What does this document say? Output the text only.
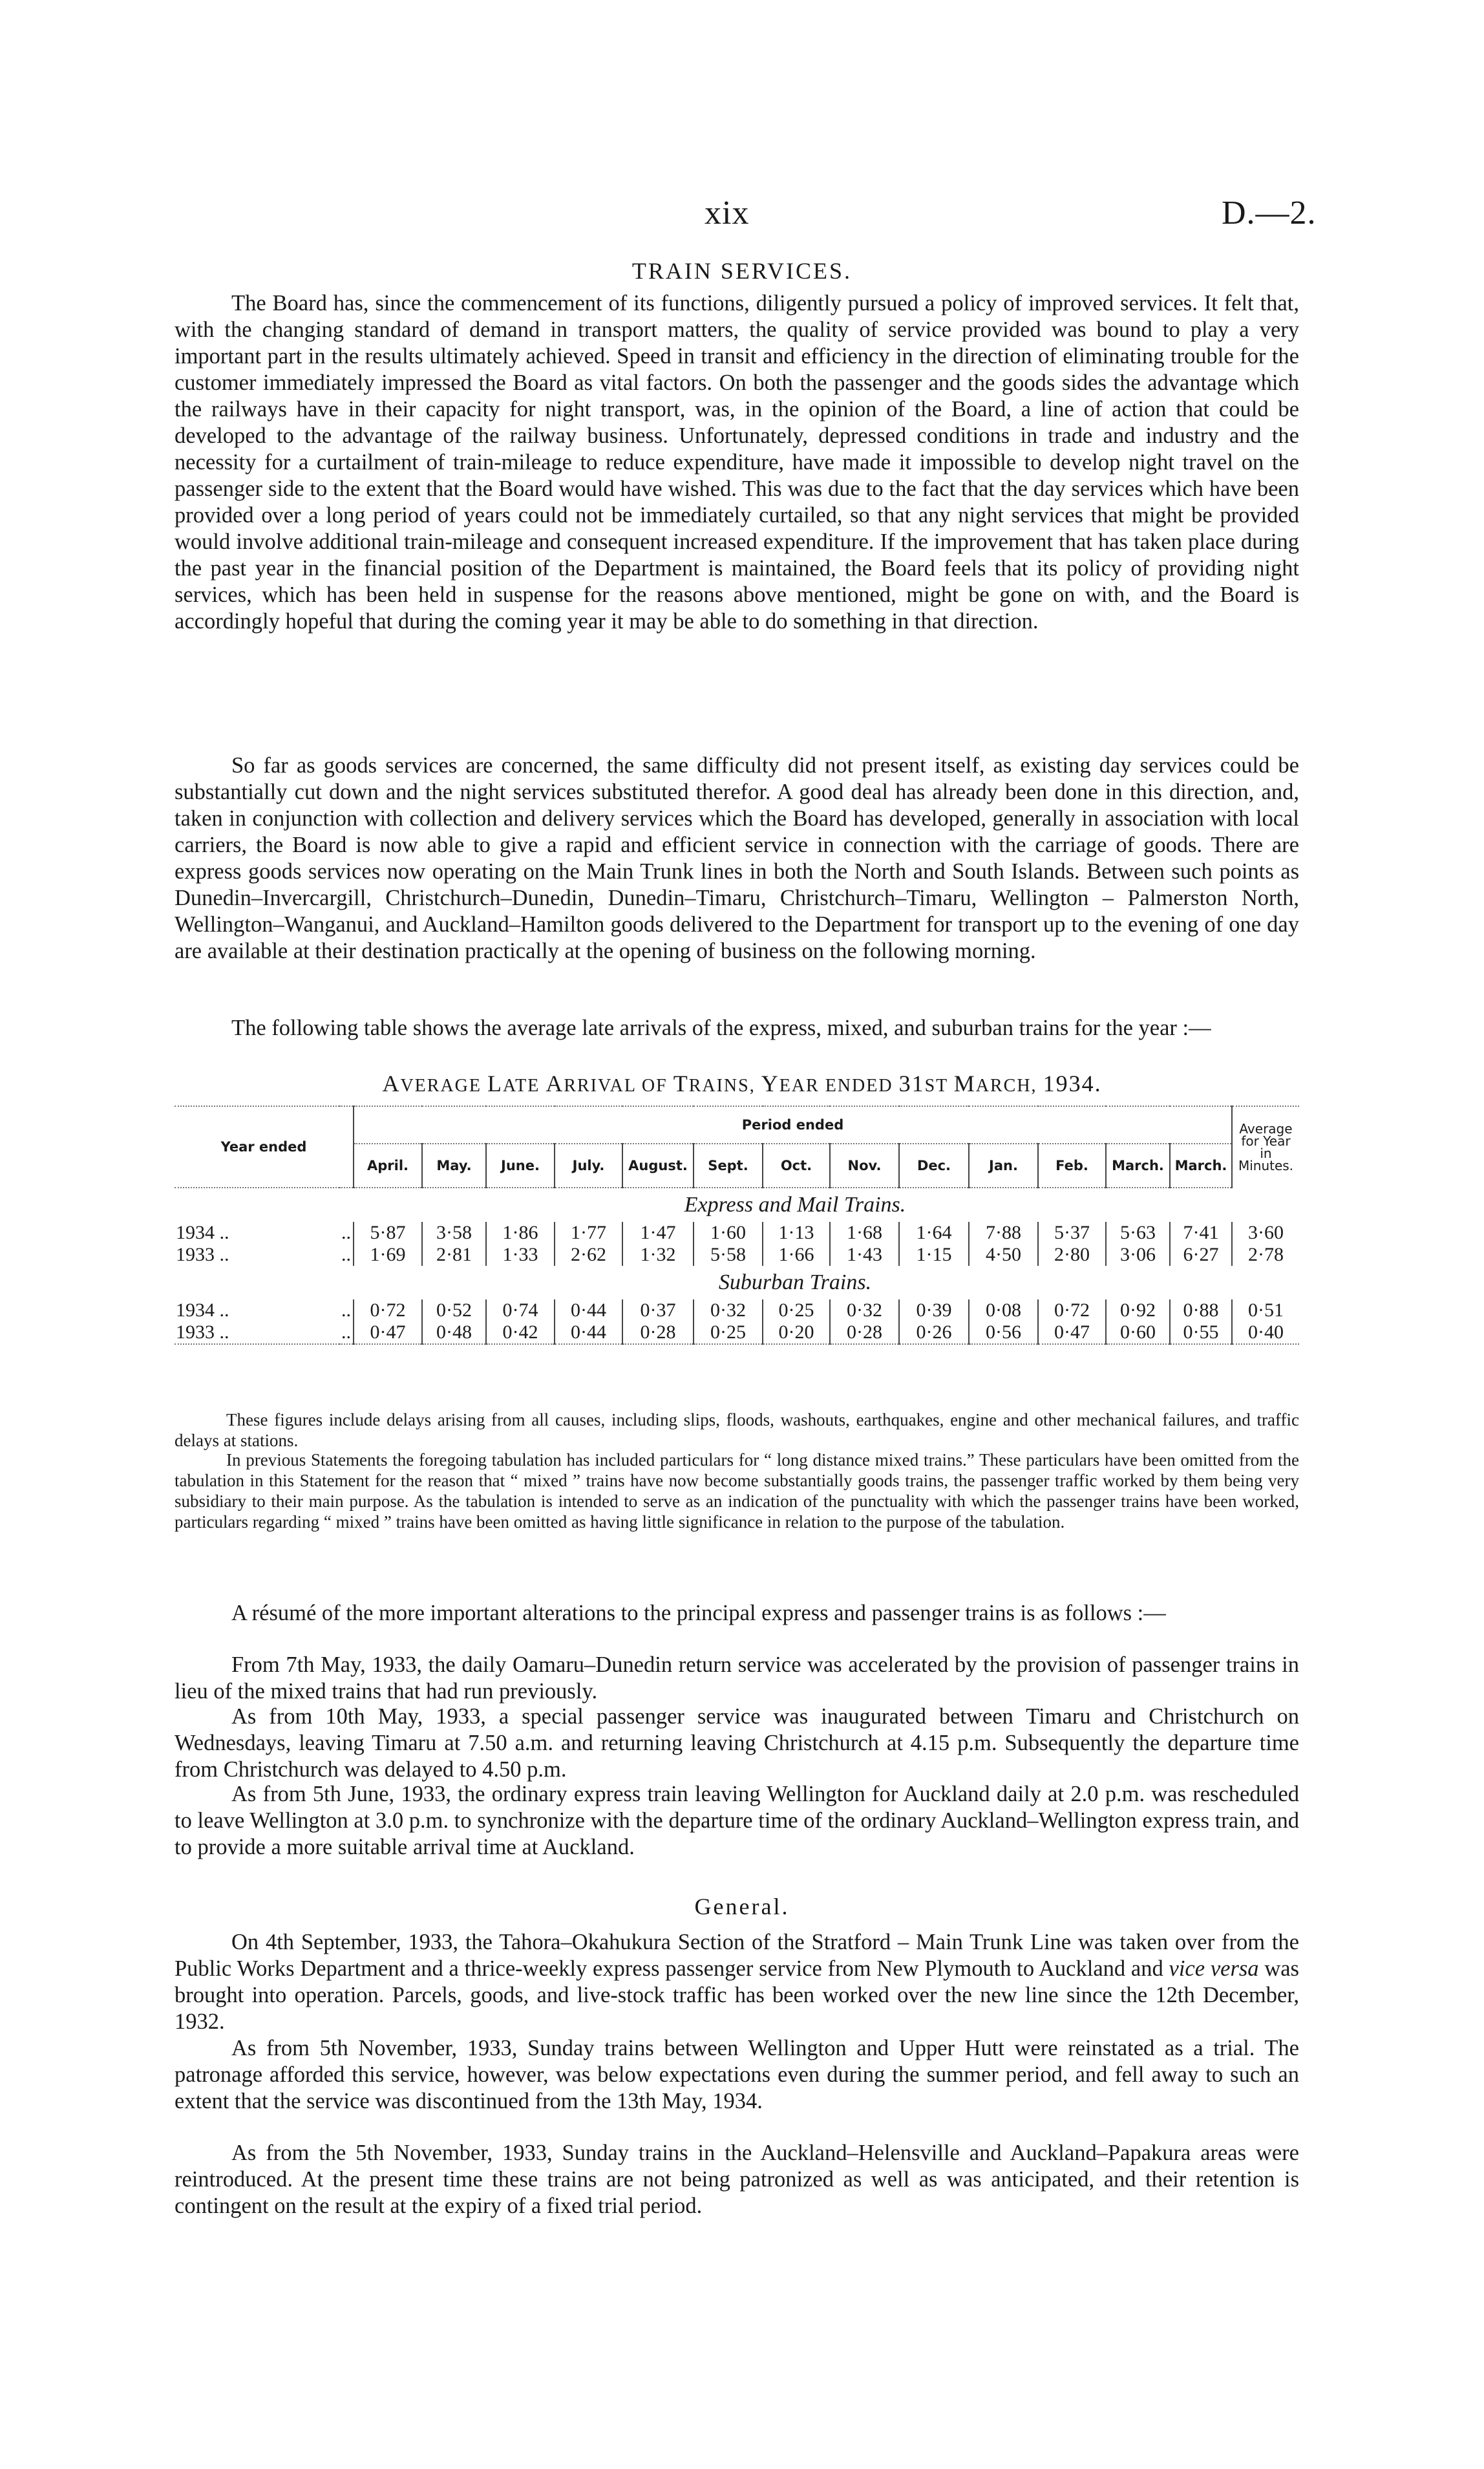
xix	D.—2.
TRAIN SERVICES.

The Board has, since the commencement of its functions, diligently pursued a policy of improved services. It felt that, with the changing standard of demand in transport matters, the quality of service provided was bound to play a very important part in the results ultimately achieved. Speed in transit and efficiency in the direction of eliminating trouble for the customer immediately impressed the Board as vital factors. On both the passenger and the goods sides the advantage which the railways have in their capacity for night transport, was, in the opinion of the Board, a line of action that could be developed to the advantage of the railway business. Unfortunately, depressed conditions in trade and industry and the necessity for a curtailment of train-mileage to reduce expenditure, have made it impossible to develop night travel on the passenger side to the extent that the Board would have wished. This was due to the fact that the day services which have been provided over a long period of years could not be immediately curtailed, so that any night services that might be provided would involve additional train-mileage and consequent increased expenditure. If the improvement that has taken place during the past year in the financial position of the Department is maintained, the Board feels that its policy of providing night services, which has been held in suspense for the reasons above mentioned, might be gone on with, and the Board is accordingly hopeful that during the coming year it may be able to do something in that direction.

So far as goods services are concerned, the same difficulty did not present itself, as existing day services could be substantially cut down and the night services substituted therefor. A good deal has already been done in this direction, and, taken in conjunction with collection and delivery services which the Board has developed, generally in association with local carriers, the Board is now able to give a rapid and efficient service in connection with the carriage of goods. There are express goods services now operating on the Main Trunk lines in both the North and South Islands. Between such points as Dunedin–Invercargill, Christchurch–Dunedin, Dunedin–Timaru, Christchurch–Timaru, Wellington – Palmerston North, Wellington–Wanganui, and Auckland–Hamilton goods delivered to the Department for transport up to the evening of one day are available at their destination practically at the opening of business on the following morning.

The following table shows the average late arrivals of the express, mixed, and suburban trains for the year :—

AVERAGE LATE ARRIVAL OF TRAINS, YEAR ENDED 31ST MARCH, 1934.
Year ended		Period ended													Average
for Year
in
Minutes.

		April.	May.	June.	July.	August.	Sept.	Oct.	Nov.	Dec.	Jan.	Feb.	March.	March.	
Express and Mail Trains.															
1934 ..	..	5·87	3·58	1·86	1·77	1·47	1·60	1·13	1·68	1·64	7·88	5·37	5·63	7·41	3·60
1933 ..	..	1·69	2·81	1·33	2·62	1·32	5·58	1·66	1·43	1·15	4·50	2·80	3·06	6·27	2·78
Suburban Trains.															
1934 ..	..	0·72	0·52	0·74	0·44	0·37	0·32	0·25	0·32	0·39	0·08	0·72	0·92	0·88	0·51
1933 ..	..	0·47	0·48	0·42	0·44	0·28	0·25	0·20	0·28	0·26	0·56	0·47	0·60	0·55	0·40

These figures include delays arising from all causes, including slips, floods, washouts, earthquakes, engine and other mechanical failures, and traffic delays at stations.

In previous Statements the foregoing tabulation has included particulars for “ long distance mixed trains.” These particulars have been omitted from the tabulation in this Statement for the reason that “ mixed ” trains have now become substantially goods trains, the passenger traffic worked by them being very subsidiary to their main purpose. As the tabulation is intended to serve as an indication of the punctuality with which the passenger trains have been worked, particulars regarding “ mixed ” trains have been omitted as having little significance in relation to the purpose of the tabulation.

A résumé of the more important alterations to the principal express and passenger trains is as follows :—

From 7th May, 1933, the daily Oamaru–Dunedin return service was accelerated by the provision of passenger trains in lieu of the mixed trains that had run previously.

As from 10th May, 1933, a special passenger service was inaugurated between Timaru and Christchurch on Wednesdays, leaving Timaru at 7.50 a.m. and returning leaving Christchurch at 4.15 p.m. Subsequently the departure time from Christchurch was delayed to 4.50 p.m.

As from 5th June, 1933, the ordinary express train leaving Wellington for Auckland daily at 2.0 p.m. was rescheduled to leave Wellington at 3.0 p.m. to synchronize with the departure time of the ordinary Auckland–Wellington express train, and to provide a more suitable arrival time at Auckland.

General.

On 4th September, 1933, the Tahora–Okahukura Section of the Stratford – Main Trunk Line was taken over from the Public Works Department and a thrice-weekly express passenger service from New Plymouth to Auckland and vice versa was brought into operation. Parcels, goods, and live-stock traffic has been worked over the new line since the 12th December, 1932.

As from 5th November, 1933, Sunday trains between Wellington and Upper Hutt were reinstated as a trial. The patronage afforded this service, however, was below expectations even during the summer period, and fell away to such an extent that the service was discontinued from the 13th May, 1934.

As from the 5th November, 1933, Sunday trains in the Auckland–Helensville and Auckland–Papakura areas were reintroduced. At the present time these trains are not being patronized as well as was anticipated, and their retention is contingent on the result at the expiry of a fixed trial period.
